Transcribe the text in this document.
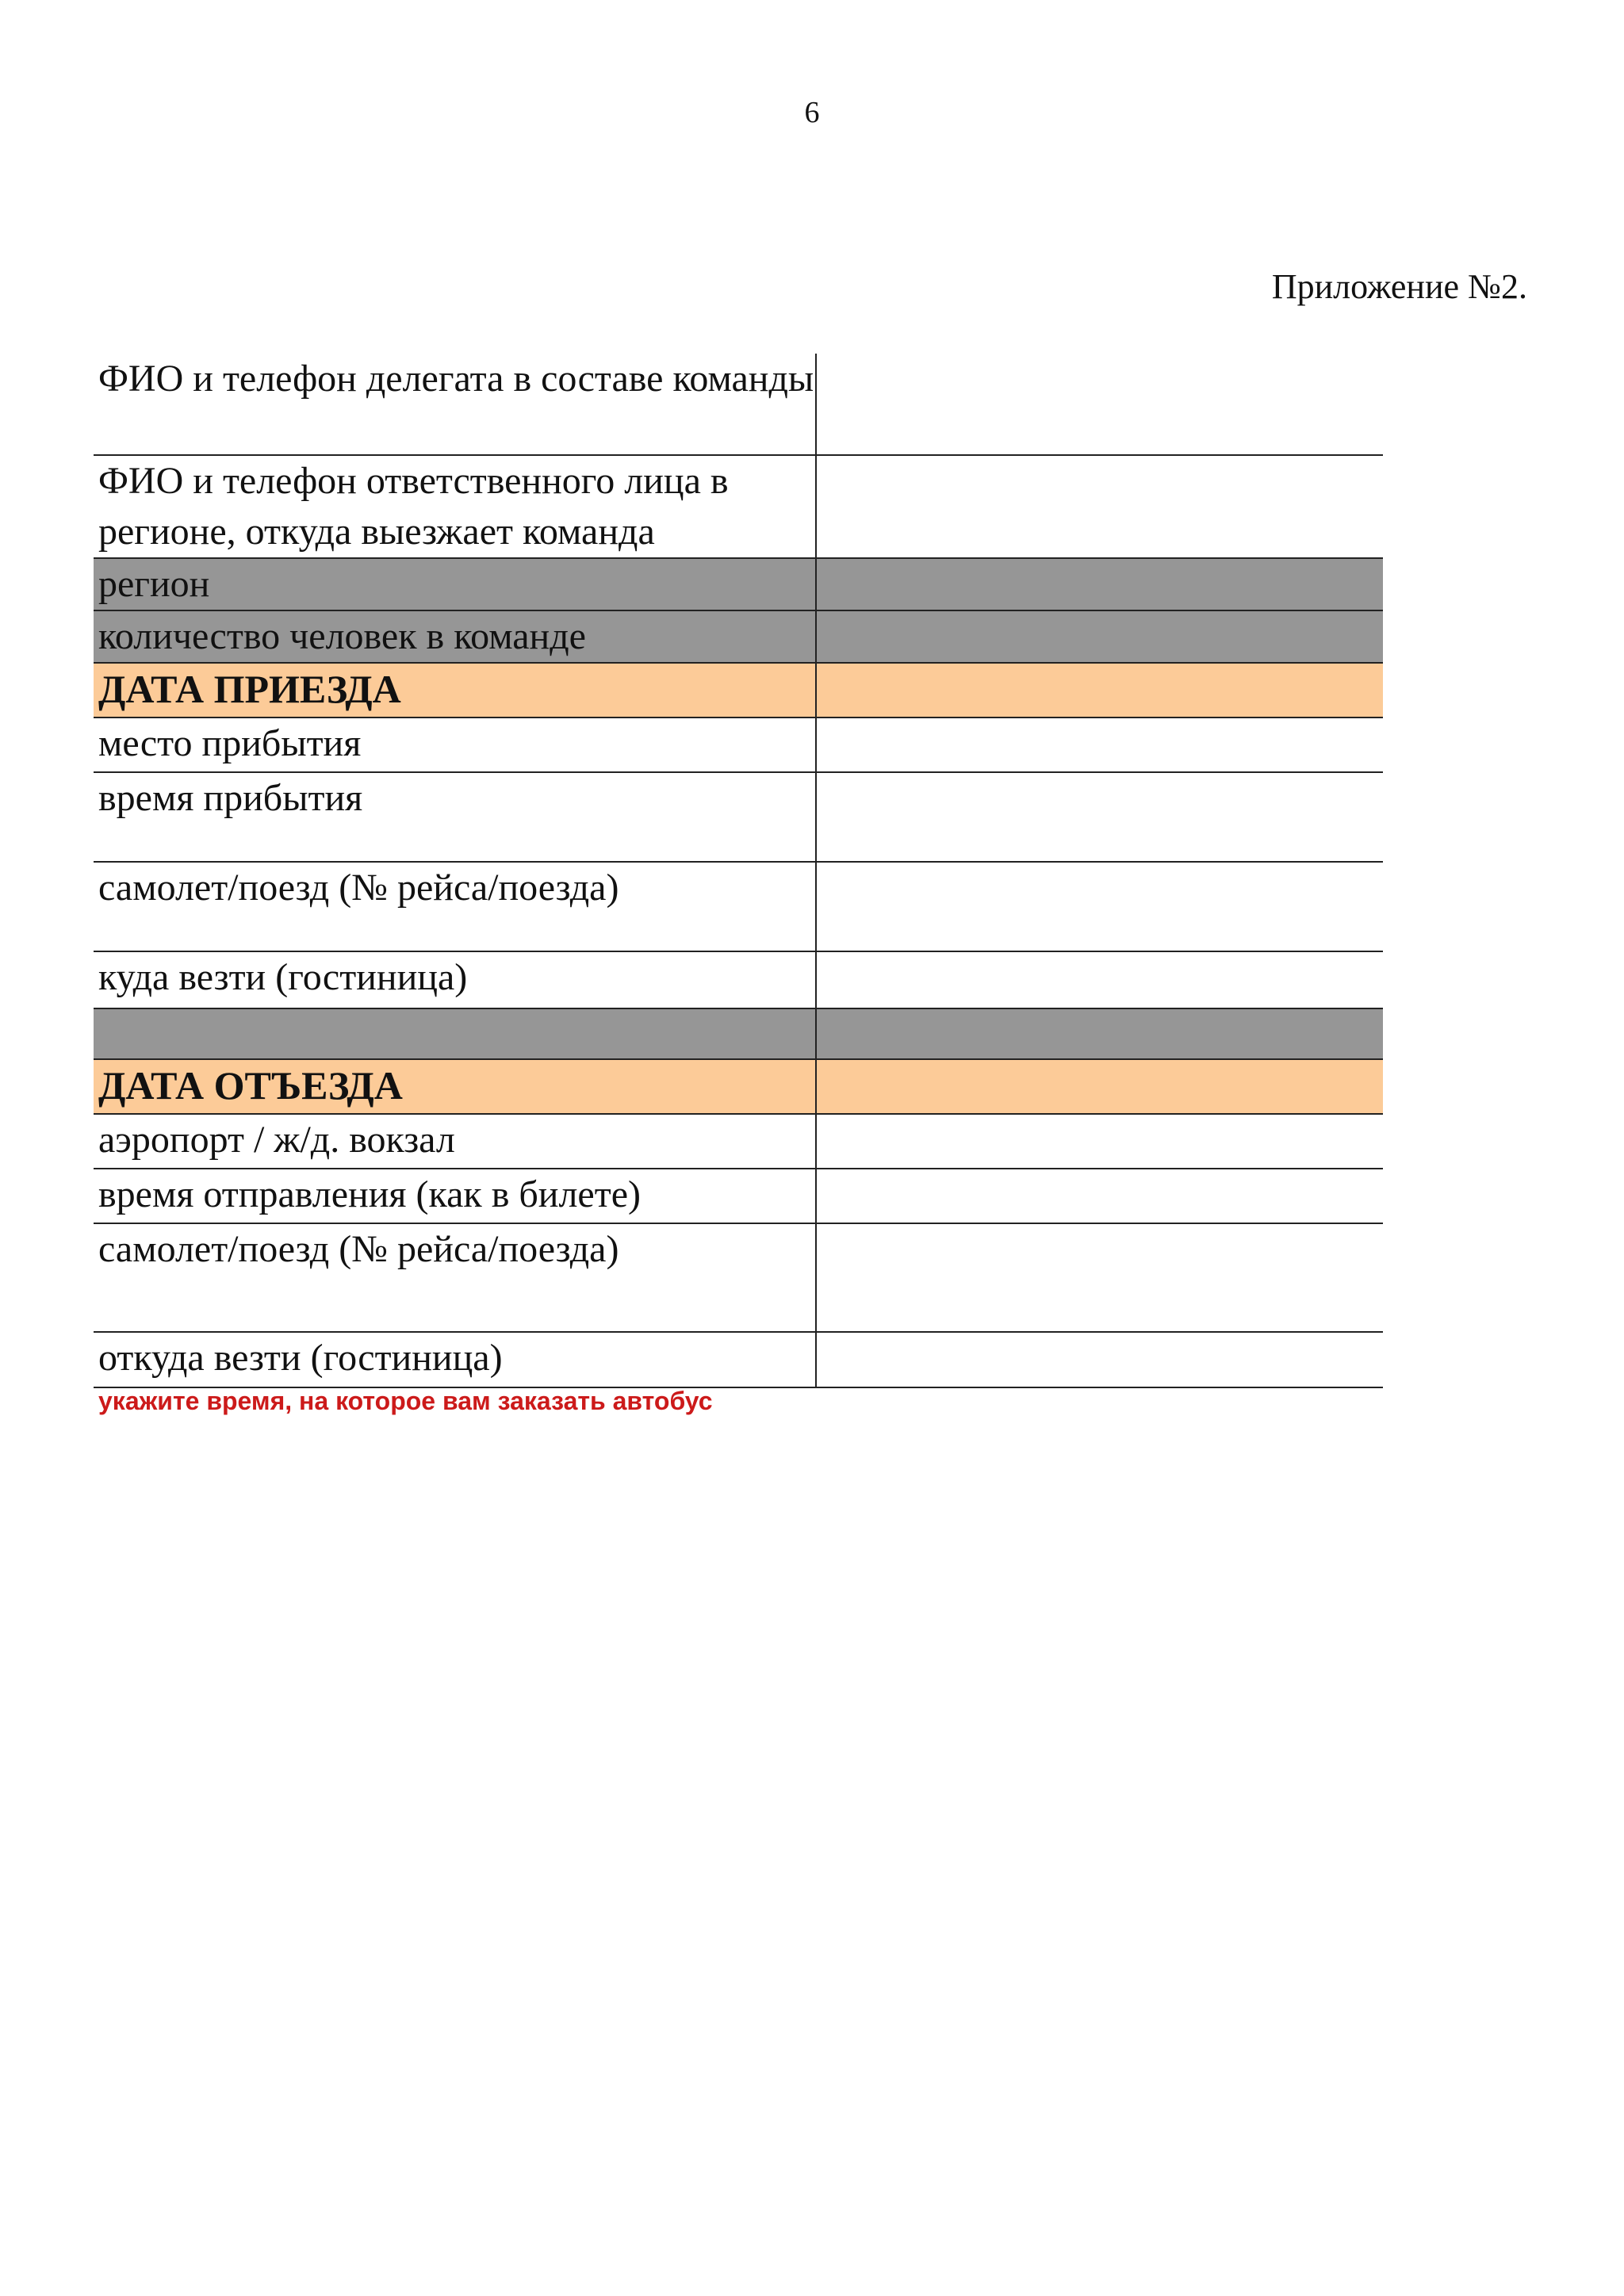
6
Приложение №2.
ФИО и телефон делегата в составе команды	
ФИО и телефон ответственного лица в регионе, откуда выезжает команда	
регион	
количество человек в команде	
ДАТА ПРИЕЗДА	
место прибытия	
время прибытия	
самолет/поезд (№ рейса/поезда)	
куда везти (гостиница)	

ДАТА ОТЪЕЗДА	
аэропорт / ж/д. вокзал	
время отправления (как в билете)	
самолет/поезд (№ рейса/поезда)	
откуда везти (гостиница)	
укажите время, на которое вам заказать автобус
